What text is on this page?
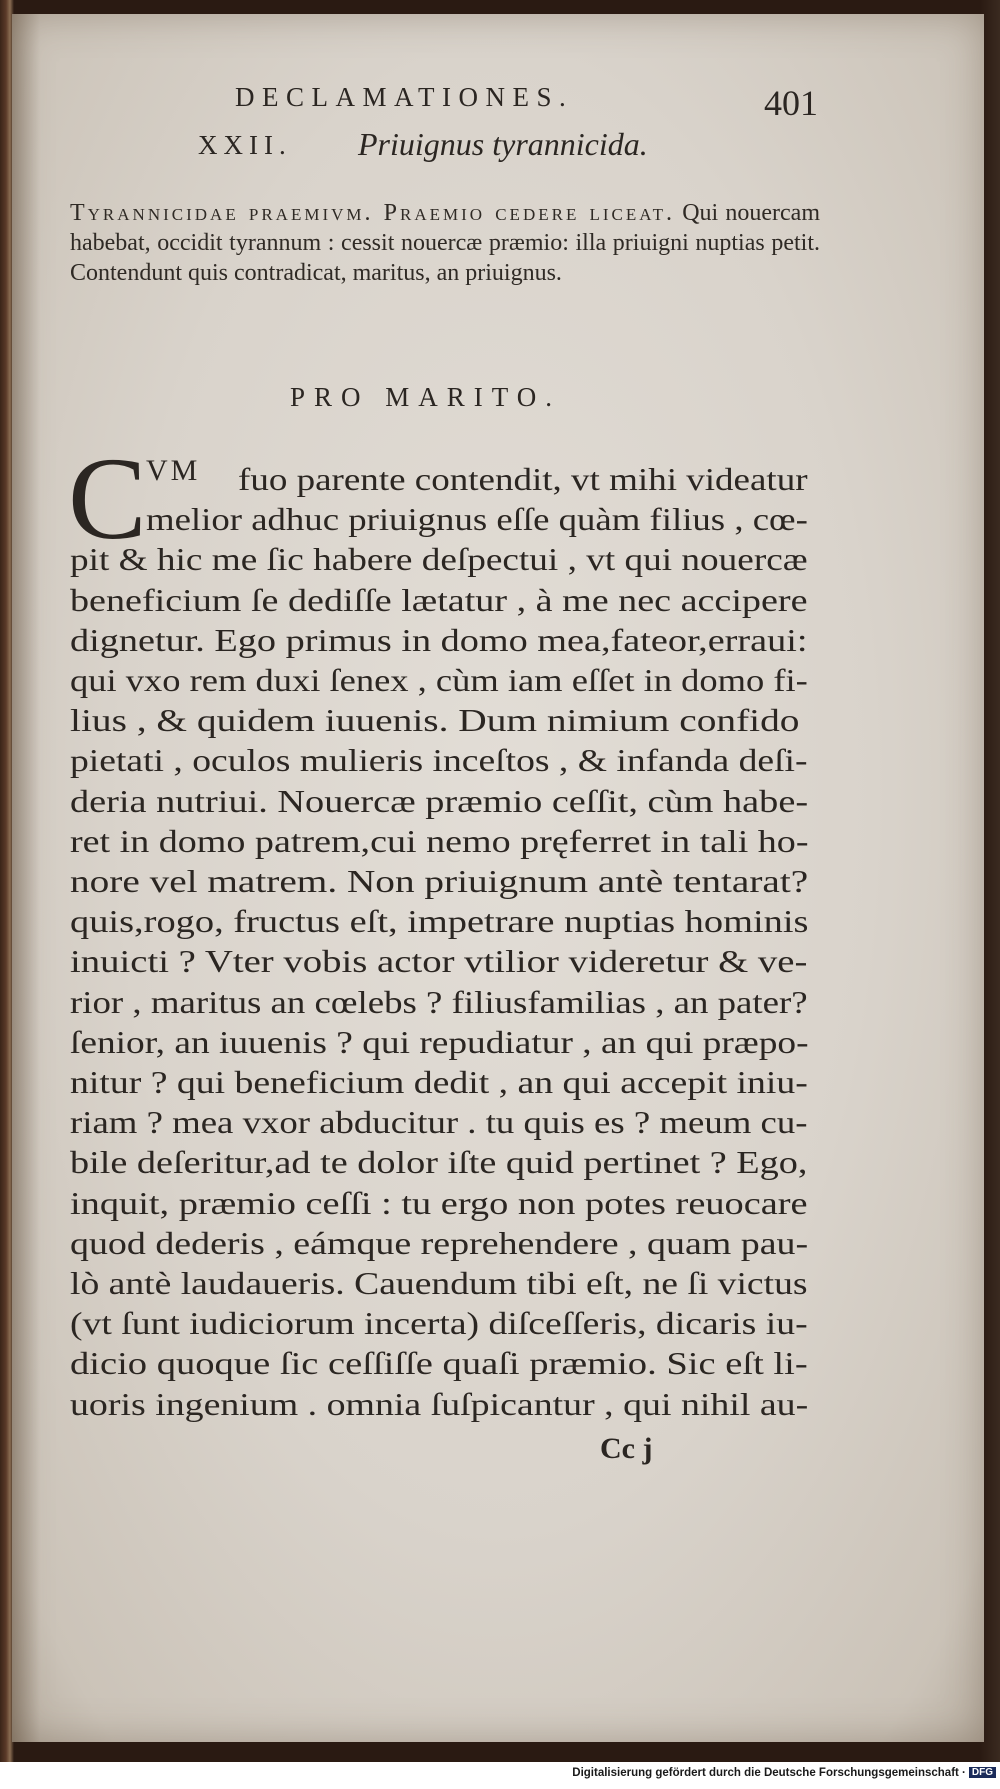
DECLAMATIONES.	401
XXII. Priuignus tyrannicida.
Tyrannicidae praemivm. Praemio cedere liceat. Qui nouercam habebat, occidit tyrannum : cessit nouercæ præmio: illa priuigni nuptias petit. Contendunt quis contradicat, maritus, an priuignus.
PRO MARITO.
C VM fuo parente contendit, vt mihi videatur
melior adhuc priuignus eſſe quàm filius , cœ-
pit & hic me ſic habere deſpectui , vt qui nouercæ
beneficium ſe dediſſe lætatur , à me nec accipere
dignetur. Ego primus in domo mea,fateor,erraui:
qui vxo rem duxi ſenex , cùm iam eſſet in domo fi-
lius , & quidem iuuenis. Dum nimium confido
pietati , oculos mulieris inceſtos , & infanda deſi-
deria nutriui. Nouercæ præmio ceſſit, cùm habe-
ret in domo patrem,cui nemo pręferret in tali ho-
nore vel matrem. Non priuignum antè tentarat?
quis,rogo, fructus eſt, impetrare nuptias hominis
inuicti ? Vter vobis actor vtilior videretur & ve-
rior , maritus an cœlebs ? filiusfamilias , an pater?
ſenior, an iuuenis ? qui repudiatur , an qui præpo-
nitur ? qui beneficium dedit , an qui accepit iniu-
riam ? mea vxor abducitur . tu quis es ? meum cu-
bile deſeritur,ad te dolor iſte quid pertinet ? Ego,
inquit, præmio ceſſi : tu ergo non potes reuocare
quod dederis , eámque reprehendere , quam pau-
lò antè laudaueris. Cauendum tibi eſt, ne ſi victus
(vt ſunt iudiciorum incerta) diſceſſeris, dicaris iu-
dicio quoque ſic ceſſiſſe quaſi præmio. Sic eſt li-
uoris ingenium . omnia ſuſpicantur , qui nihil au-
Cc j
Digitalisierung gefördert durch die Deutsche Forschungsgemeinschaft · DFG
